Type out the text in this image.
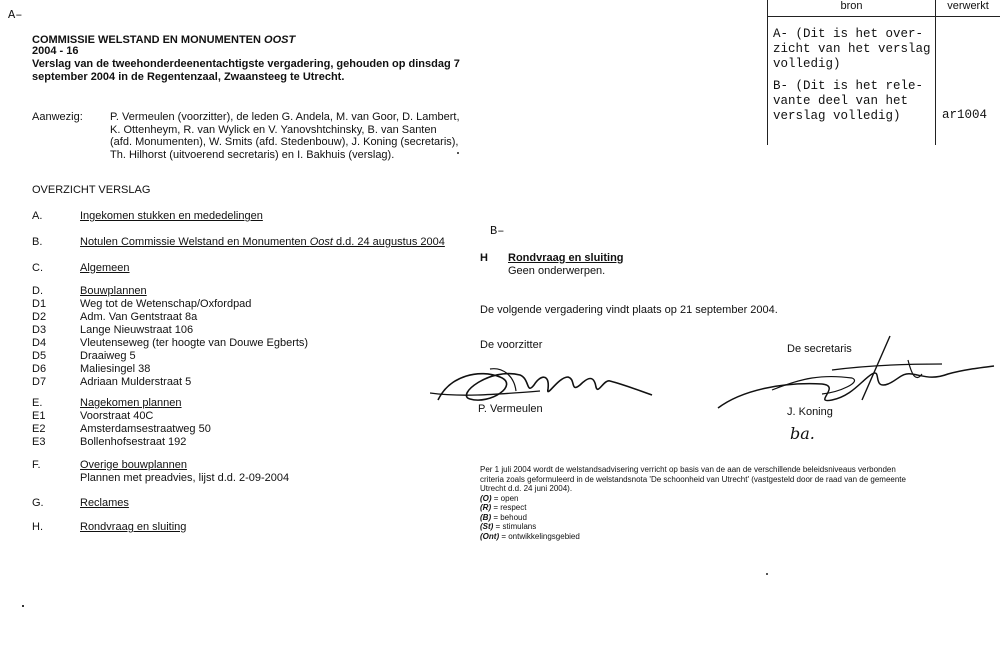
A–
bron	verwerkt
A- (Dit is het over-
zicht van het verslag
volledig)
B- (Dit is het rele-
vante deel van het
verslag volledig)	ar1004
COMMISSIE WELSTAND EN MONUMENTEN OOST
2004 - 16
Verslag van de tweehonderdeenentachtigste vergadering, gehouden op dinsdag 7
september 2004 in de Regentenzaal, Zwaansteeg te Utrecht.
Aanwezig: P. Vermeulen (voorzitter), de leden G. Andela, M. van Goor, D. Lambert,
K. Ottenheym, R. van Wylick en V. Yanovshtchinsky, B. van Santen
(afd. Monumenten), W. Smits (afd. Stedenbouw), J. Koning (secretaris),
Th. Hilhorst (uitvoerend secretaris) en I. Bakhuis (verslag).
OVERZICHT VERSLAG
A.	Ingekomen stukken en mededelingen
B.	Notulen Commissie Welstand en Monumenten Oost d.d. 24 augustus 2004
C.	Algemeen
D.	Bouwplannen
D1	Weg tot de Wetenschap/Oxfordpad
D2	Adm. Van Gentstraat 8a
D3	Lange Nieuwstraat 106
D4	Vleutenseweg (ter hoogte van Douwe Egberts)
D5	Draaiweg 5
D6	Maliesingel 38
D7	Adriaan Mulderstraat 5
E.	Nagekomen plannen
E1	Voorstraat 40C
E2	Amsterdamsestraatweg 50
E3	Bollenhofsestraat 192
F.	Overige bouwplannen
Plannen met preadvies, lijst d.d. 2-09-2004
G.	Reclames
H.	Rondvraag en sluiting
B–
H Rondvraag en sluiting
Geen onderwerpen.
De volgende vergadering vindt plaats op 21 september 2004.
De voorzitter	De secretaris
P. Vermeulen	J. Koning
ba.
Per 1 juli 2004 wordt de welstandsadvisering verricht op basis van de aan de verschillende beleidsniveaus verbonden
criteria zoals geformuleerd in de welstandsnota 'De schoonheid van Utrecht' (vastgesteld door de raad van de gemeente
Utrecht d.d. 24 juni 2004).
(O) = open
(R) = respect
(B) = behoud
(St) = stimulans
(Ont) = ontwikkelingsgebied
